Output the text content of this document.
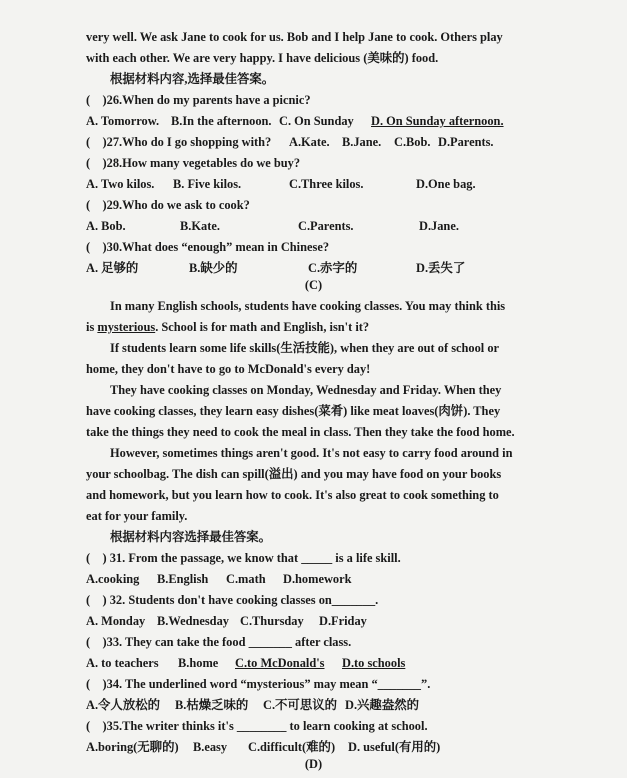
very well. We ask Jane to cook for us. Bob and I help Jane to cook. Others play
with each other. We are very happy. I have delicious (美味的) food.
根据材料内容,选择最佳答案。
(　)26.When do my parents have a picnic?
A. Tomorrow. B.In the afternoon. C. On Sunday D. On Sunday afternoon.
(　)27.Who do I go shopping with? A.Kate. B.Jane. C.Bob. D.Parents.
(　)28.How many vegetables do we buy?
A. Two kilos. B. Five kilos.	C.Three kilos.	D.One bag.
(　)29.Who do we ask to cook?
A. Bob.	B.Kate.	C.Parents.	D.Jane.
(　)30.What does “enough” mean in Chinese?
A. 足够的	B.缺少的	C.赤字的	D.丢失了
(C)
In many English schools, students have cooking classes. You may think this
is mysterious. School is for math and English, isn't it?
If students learn some life skills(生活技能), when they are out of school or
home, they don't have to go to McDonald's every day!
They have cooking classes on Monday, Wednesday and Friday. When they
have cooking classes, they learn easy dishes(菜肴) like meat loaves(肉饼). They
take the things they need to cook the meal in class. Then they take the food home.
However, sometimes things aren't good. It's not easy to carry food around in
your schoolbag. The dish can spill(溢出) and you may have food on your books
and homework, but you learn how to cook. It's also great to cook something to
eat for your family.
根据材料内容选择最佳答案。
(　) 31. From the passage, we know that _____ is a life skill.
A.cooking B.English C.math D.homework
(　) 32. Students don't have cooking classes on_______.
A. Monday B.Wednesday C.Thursday D.Friday
(　)33. They can take the food _______ after class.
A. to teachers B.home C.to McDonald's D.to schools
(　)34. The underlined word “mysterious” may mean “_______”.
A.令人放松的 B.枯燥乏味的 C.不可思议的 D.兴趣盎然的
(　)35.The writer thinks it's ________ to learn cooking at school.
A.boring(无聊的) B.easy C.difficult(难的) D. useful(有用的)
(D)
